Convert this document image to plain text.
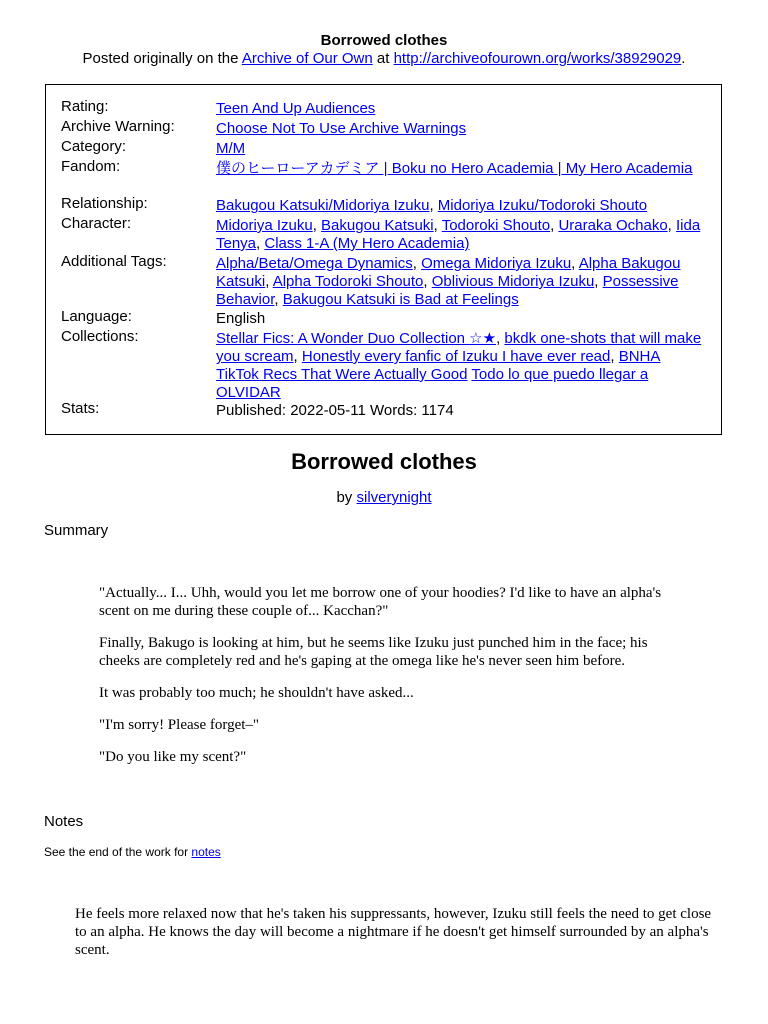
Borrowed clothes
Posted originally on the Archive of Our Own at http://archiveofourown.org/works/38929029.
Rating:	Teen And Up Audiences
Archive Warning:	Choose Not To Use Archive Warnings
Category:	M/M
Fandom:	僕のヒーローアカデミア | Boku no Hero Academia | My Hero Academia
Relationship:	Bakugou Katsuki/Midoriya Izuku, Midoriya Izuku/Todoroki Shouto
Character:	Midoriya Izuku, Bakugou Katsuki, Todoroki Shouto, Uraraka Ochako, Iida Tenya, Class 1-A (My Hero Academia)
Additional Tags:	Alpha/Beta/Omega Dynamics, Omega Midoriya Izuku, Alpha Bakugou Katsuki, Alpha Todoroki Shouto, Oblivious Midoriya Izuku, Possessive Behavior, Bakugou Katsuki is Bad at Feelings
Language:	English
Collections:	Stellar Fics: A Wonder Duo Collection ☆★, bkdk one-shots that will make you scream, Honestly every fanfic of Izuku I have ever read, BNHA TikTok Recs That Were Actually Good Todo lo que puedo llegar a OLVIDAR
Stats:	Published: 2022-05-11 Words: 1174
Borrowed clothes
by silverynight
Summary

"Actually... I... Uhh, would you let me borrow one of your hoodies? I'd like to have an alpha's scent on me during these couple of... Kacchan?"

Finally, Bakugo is looking at him, but he seems like Izuku just punched him in the face; his cheeks are completely red and he's gaping at the omega like he's never seen him before.

It was probably too much; he shouldn't have asked...

"I'm sorry! Please forget–"

"Do you like my scent?"

Notes
See the end of the work for notes

He feels more relaxed now that he's taken his suppressants, however, Izuku still feels the need to get close to an alpha. He knows the day will become a nightmare if he doesn't get himself surrounded by an alpha's scent.
